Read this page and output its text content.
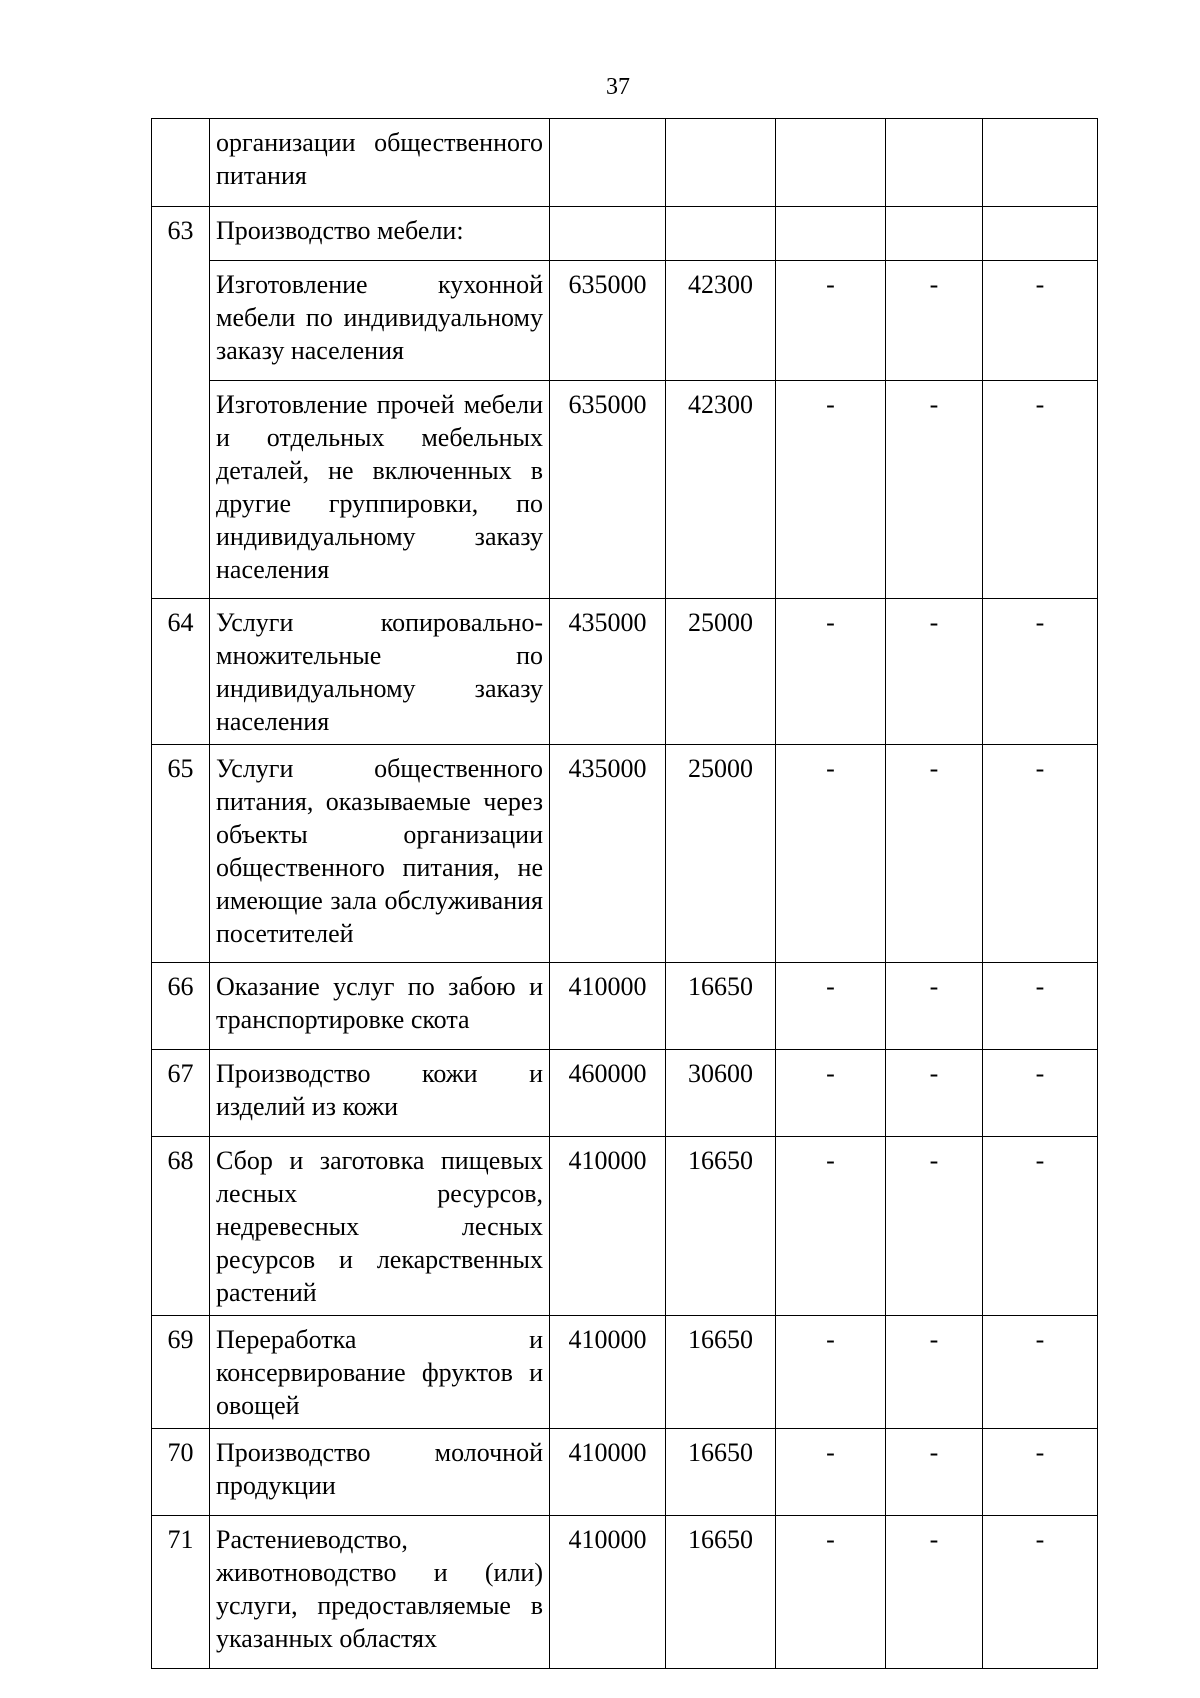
37
	организации общественного питания					
63	Производство мебели:					
	Изготовление кухонной мебели по индивидуальному заказу населения	635000	42300	-	-	-
	Изготовление прочей мебели и отдельных мебельных деталей, не включенных в другие группировки, по индивидуальному заказу населения	635000	42300	-	-	-
64	Услуги копировально-множительные по индивидуальному заказу населения	435000	25000	-	-	-
65	Услуги общественного питания, оказываемые через объекты организации общественного питания, не имеющие зала обслуживания посетителей	435000	25000	-	-	-
66	Оказание услуг по забою и транспортировке скота	410000	16650	-	-	-
67	Производство кожи и изделий из кожи	460000	30600	-	-	-
68	Сбор и заготовка пищевых лесных ресурсов, недревесных лесных ресурсов и лекарственных растений	410000	16650	-	-	-
69	Переработка и консервирование фруктов и овощей	410000	16650	-	-	-
70	Производство молочной продукции	410000	16650	-	-	-
71	Растениеводство, животноводство и (или) услуги, предоставляемые в указанных областях	410000	16650	-	-	-
